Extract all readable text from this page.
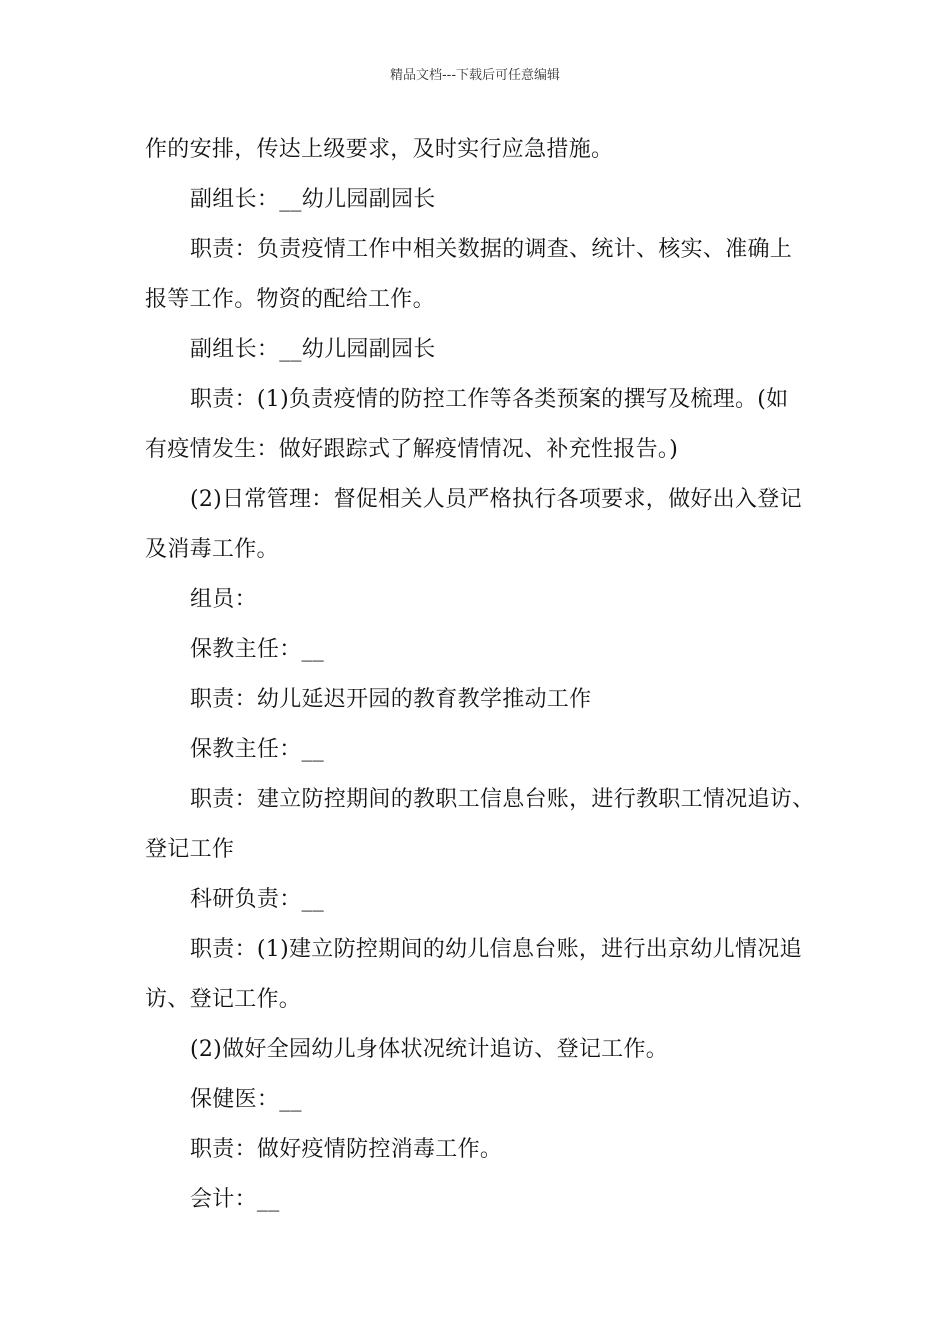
精品文档---下载后可任意编辑
作的安排，传达上级要求，及时实行应急措施。
副组长：__幼儿园副园长
职责：负责疫情工作中相关数据的调查、统计、核实、准确上
报等工作。物资的配给工作。
副组长：__幼儿园副园长
职责：(1)负责疫情的防控工作等各类预案的撰写及梳理。(如
有疫情发生：做好跟踪式了解疫情情况、补充性报告。)
(2)日常管理：督促相关人员严格执行各项要求，做好出入登记
及消毒工作。
组员：
保教主任：__
职责：幼儿延迟开园的教育教学推动工作
保教主任：__
职责：建立防控期间的教职工信息台账，进行教职工情况追访、
登记工作
科研负责：__
职责：(1)建立防控期间的幼儿信息台账，进行出京幼儿情况追
访、登记工作。
(2)做好全园幼儿身体状况统计追访、登记工作。
保健医：__
职责：做好疫情防控消毒工作。
会计：__
